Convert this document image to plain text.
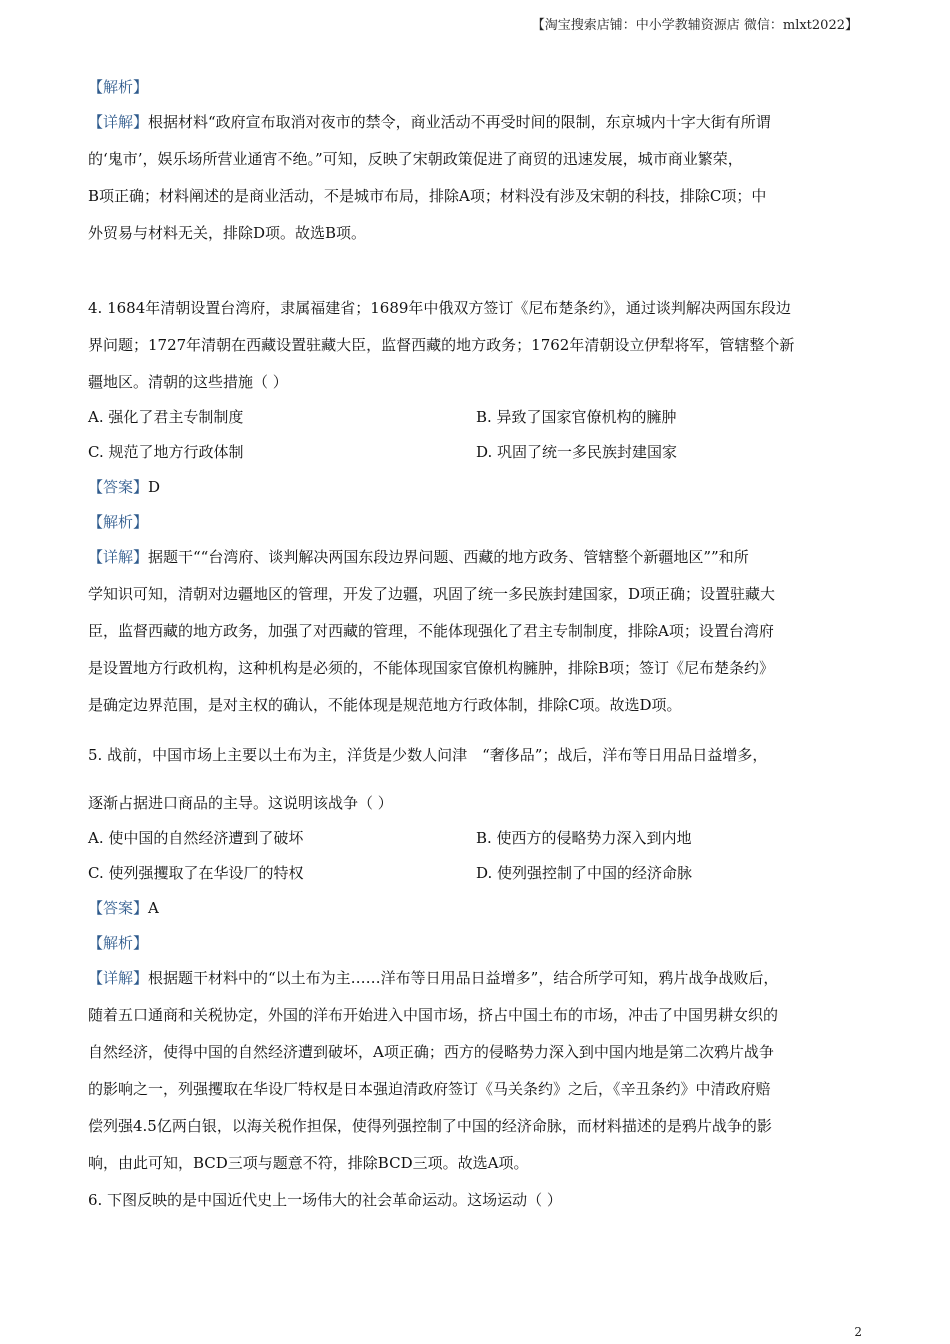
【淘宝搜索店铺：中小学教辅资源店 微信：mlxt2022】
【解析】
【详解】根据材料“政府宣布取消对夜市的禁令，商业活动不再受时间的限制，东京城内十字大街有所谓
的‘鬼市’，娱乐场所营业通宵不绝。”可知，反映了宋朝政策促进了商贸的迅速发展，城市商业繁荣，
B项正确；材料阐述的是商业活动，不是城市布局，排除A项；材料没有涉及宋朝的科技，排除C项；中
外贸易与材料无关，排除D项。故选B项。
4. 1684年清朝设置台湾府，隶属福建省；1689年中俄双方签订《尼布楚条约》，通过谈判解决两国东段边
界问题；1727年清朝在西藏设置驻藏大臣，监督西藏的地方政务；1762年清朝设立伊犁将军，管辖整个新
疆地区。清朝的这些措施（ ）
A. 强化了君主专制制度	B. 异致了国家官僚机构的臃肿
C. 规范了地方行政体制	D. 巩固了统一多民族封建国家
【答案】D
【解析】
【详解】据题干““台湾府、谈判解决两国东段边界问题、西藏的地方政务、管辖整个新疆地区””和所
学知识可知，清朝对边疆地区的管理，开发了边疆，巩固了统一多民族封建国家，D项正确；设置驻藏大
臣，监督西藏的地方政务，加强了对西藏的管理，不能体现强化了君主专制制度，排除A项；设置台湾府
是设置地方行政机构，这种机构是必须的，不能体现国家官僚机构臃肿，排除B项；签订《尼布楚条约》
是确定边界范围，是对主权的确认，不能体现是规范地方行政体制，排除C项。故选D项。
5. 战前，中国市场上主要以土布为主，洋货是少数人问津　“奢侈品”；战后，洋布等日用品日益增多，
逐渐占据进口商品的主导。这说明该战争（ ）
A. 使中国的自然经济遭到了破坏	B. 使西方的侵略势力深入到内地
C. 使列强攫取了在华设厂的特权	D. 使列强控制了中国的经济命脉
【答案】A
【解析】
【详解】根据题干材料中的“以土布为主……洋布等日用品日益增多”，结合所学可知，鸦片战争战败后，
随着五口通商和关税协定，外国的洋布开始进入中国市场，挤占中国土布的市场，冲击了中国男耕女织的
自然经济，使得中国的自然经济遭到破坏，A项正确；西方的侵略势力深入到中国内地是第二次鸦片战争
的影响之一，列强攫取在华设厂特权是日本强迫清政府签订《马关条约》之后，《辛丑条约》中清政府赔
偿列强4.5亿两白银，以海关税作担保，使得列强控制了中国的经济命脉，而材料描述的是鸦片战争的影
响，由此可知，BCD三项与题意不符，排除BCD三项。故选A项。
6. 下图反映的是中国近代史上一场伟大的社会革命运动。这场运动（ ）
2
